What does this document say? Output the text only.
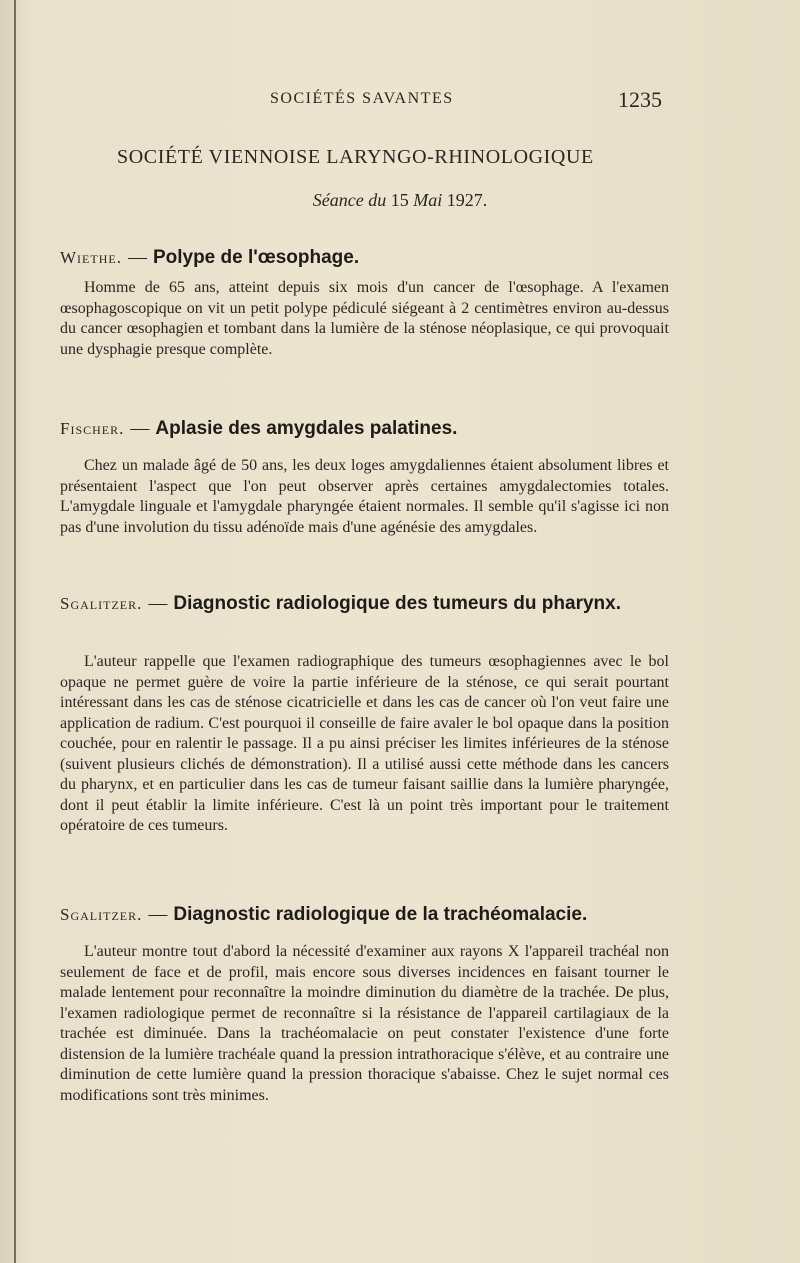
SOCIÉTÉS SAVANTES	1235
SOCIÉTÉ VIENNOISE LARYNGO-RHINOLOGIQUE
Séance du 15 Mai 1927.
Wiethe. — Polype de l'œsophage.

Homme de 65 ans, atteint depuis six mois d'un cancer de l'œsophage. A l'examen œsophagoscopique on vit un petit polype pédiculé siégeant à 2 centimètres environ au-dessus du cancer œsophagien et tombant dans la lumière de la sténose néoplasique, ce qui provoquait une dysphagie presque complète.

Fischer. — Aplasie des amygdales palatines.

Chez un malade âgé de 50 ans, les deux loges amygdaliennes étaient absolument libres et présentaient l'aspect que l'on peut observer après certaines amygdalectomies totales. L'amygdale linguale et l'amygdale pharyngée étaient normales. Il semble qu'il s'agisse ici non pas d'une involution du tissu adénoïde mais d'une agénésie des amygdales.

Sgalitzer. — Diagnostic radiologique des tumeurs du pharynx.

L'auteur rappelle que l'examen radiographique des tumeurs œsophagiennes avec le bol opaque ne permet guère de voire la partie inférieure de la sténose, ce qui serait pourtant intéressant dans les cas de sténose cicatricielle et dans les cas de cancer où l'on veut faire une application de radium. C'est pourquoi il conseille de faire avaler le bol opaque dans la position couchée, pour en ralentir le passage. Il a pu ainsi préciser les limites inférieures de la sténose (suivent plusieurs clichés de démonstration). Il a utilisé aussi cette méthode dans les cancers du pharynx, et en particulier dans les cas de tumeur faisant saillie dans la lumière pharyngée, dont il peut établir la limite inférieure. C'est là un point très important pour le traitement opératoire de ces tumeurs.

Sgalitzer. — Diagnostic radiologique de la trachéomalacie.

L'auteur montre tout d'abord la nécessité d'examiner aux rayons X l'appareil trachéal non seulement de face et de profil, mais encore sous diverses incidences en faisant tourner le malade lentement pour reconnaître la moindre diminution du diamètre de la trachée. De plus, l'examen radiologique permet de reconnaître si la résistance de l'appareil cartilagiaux de la trachée est diminuée. Dans la trachéomalacie on peut constater l'existence d'une forte distension de la lumière trachéale quand la pression intrathoracique s'élève, et au contraire une diminution de cette lumière quand la pression thoracique s'abaisse. Chez le sujet normal ces modifications sont très minimes.
